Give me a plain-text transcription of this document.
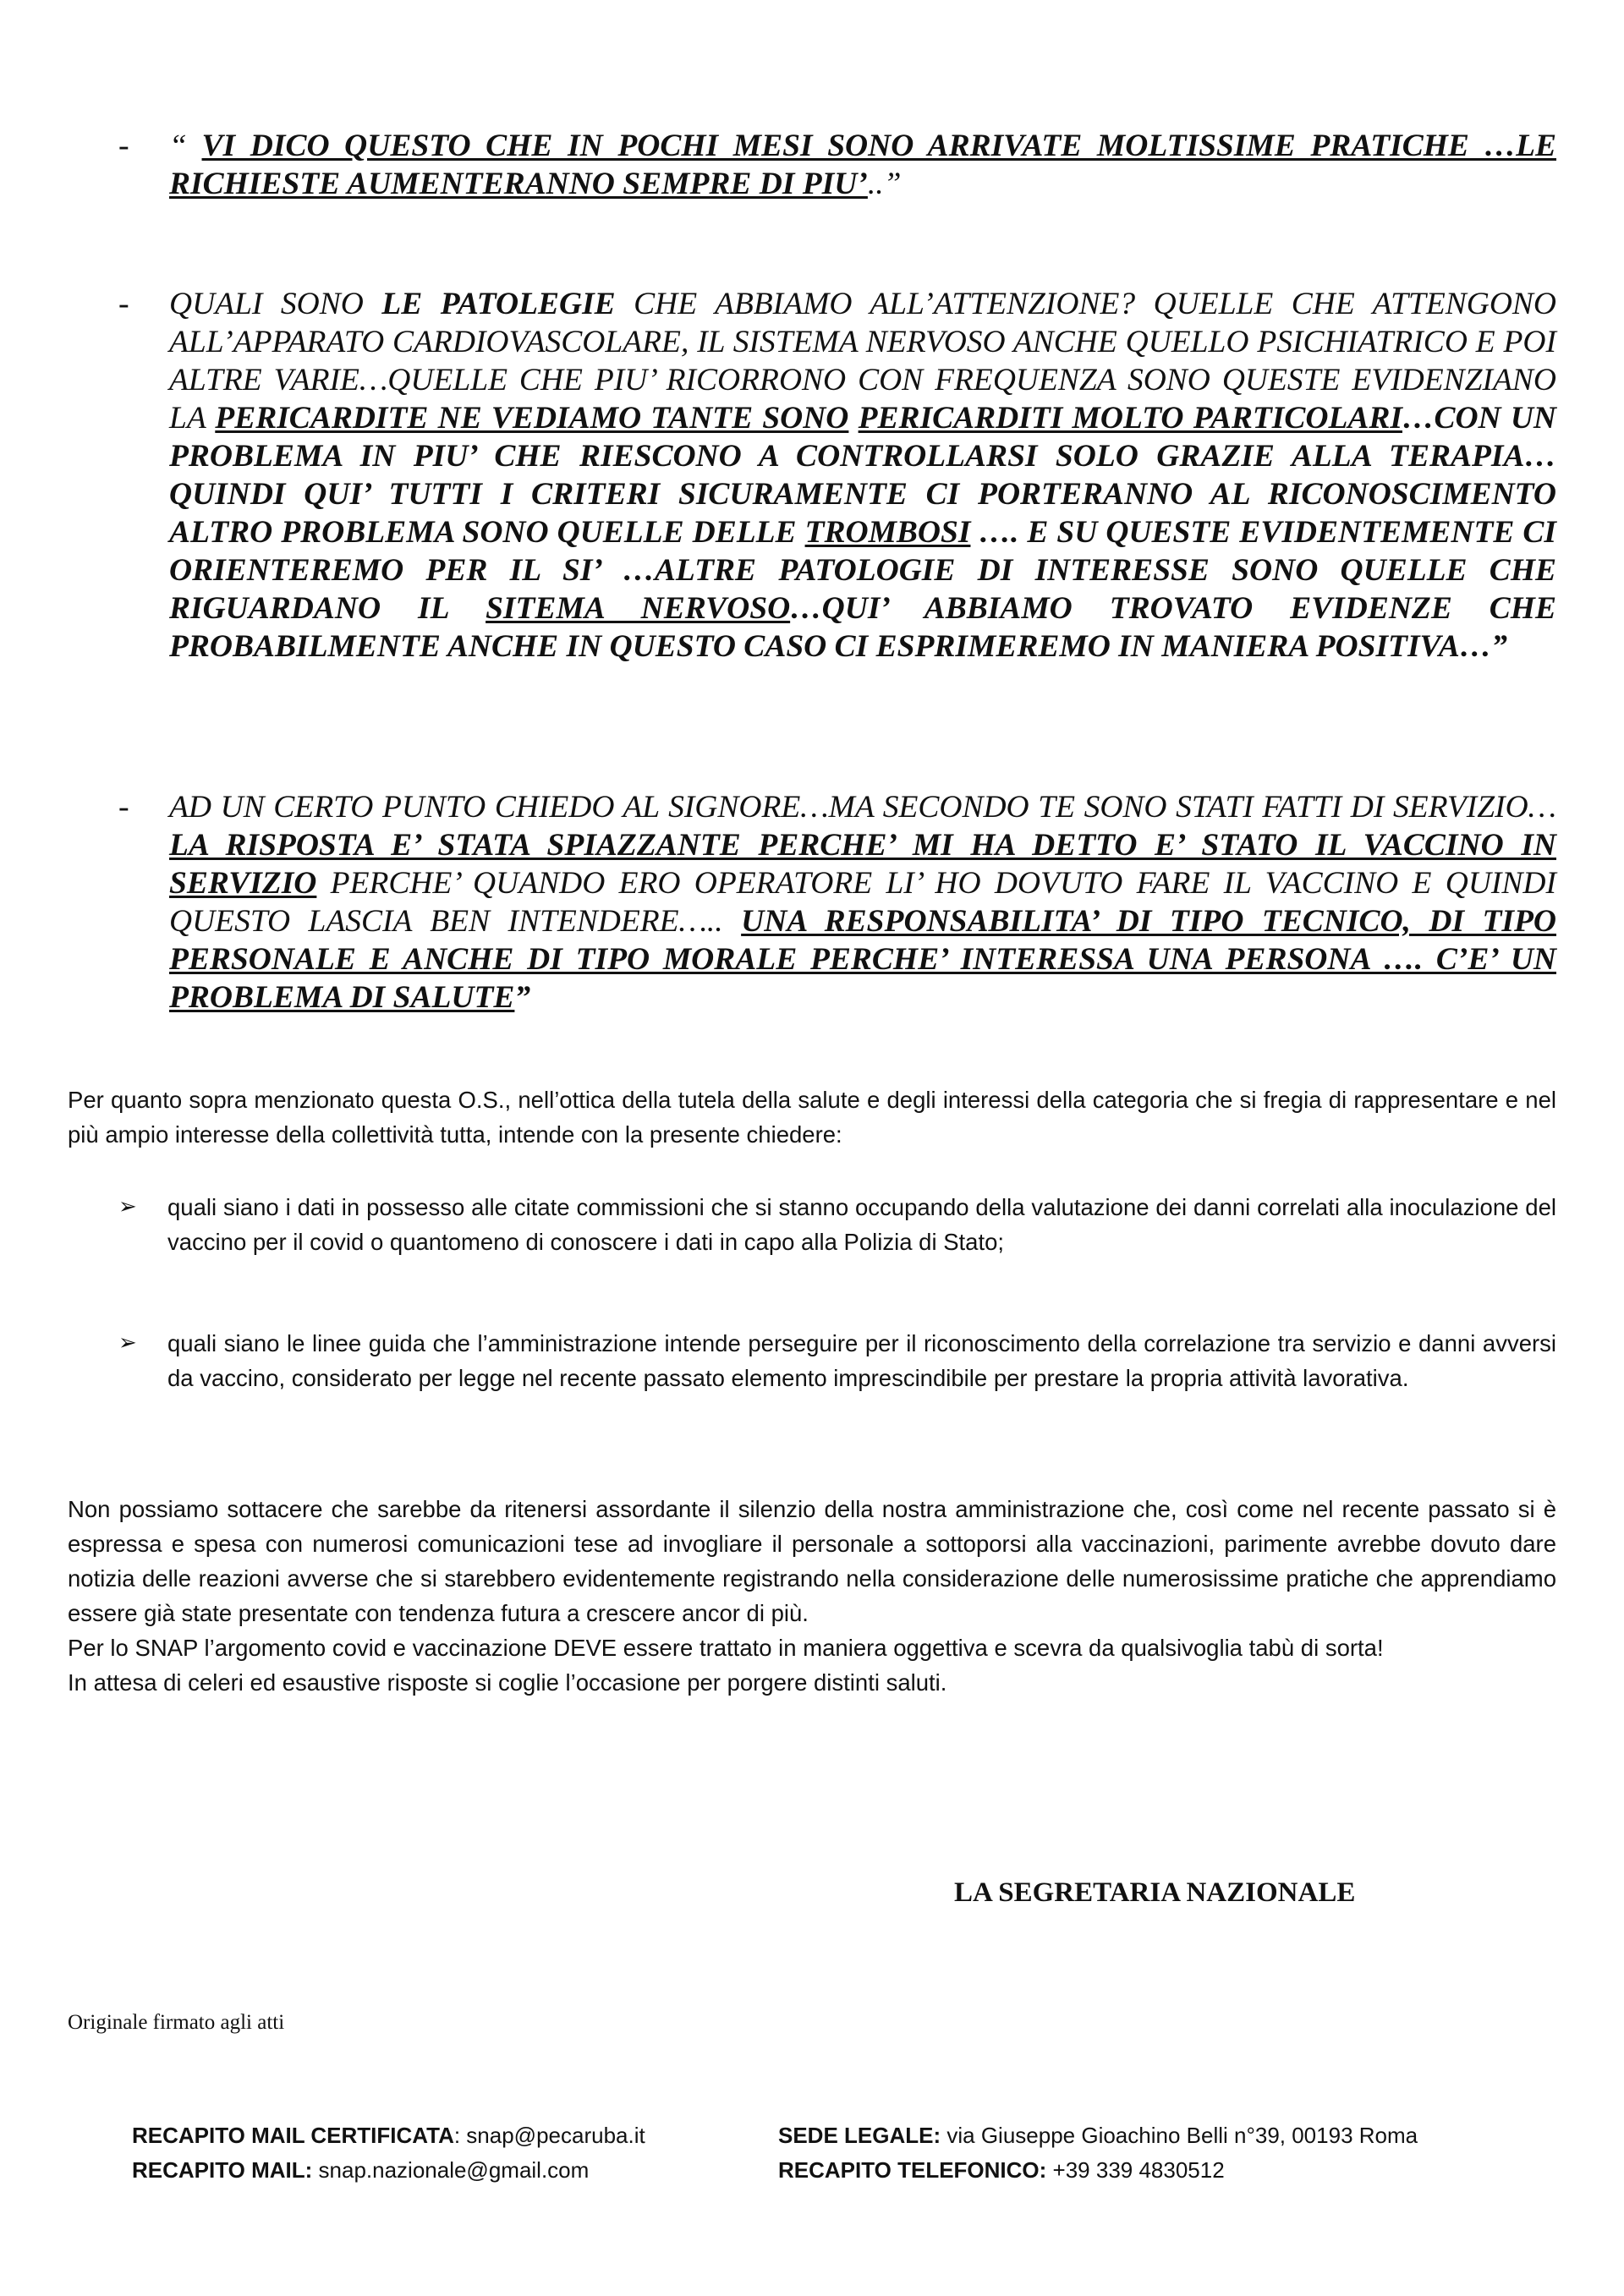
- “ VI DICO QUESTO CHE IN POCHI MESI SONO ARRIVATE MOLTISSIME PRATICHE …LE RICHIESTE AUMENTERANNO SEMPRE DI PIU’..”
- QUALI SONO LE PATOLEGIE CHE ABBIAMO ALL’ATTENZIONE? QUELLE CHE ATTENGONO ALL’APPARATO CARDIOVASCOLARE, IL SISTEMA NERVOSO ANCHE QUELLO PSICHIATRICO E POI ALTRE VARIE…QUELLE CHE PIU’ RICORRONO CON FREQUENZA SONO QUESTE EVIDENZIANO LA PERICARDITE NE VEDIAMO TANTE SONO PERICARDITI MOLTO PARTICOLARI…CON UN PROBLEMA IN PIU’ CHE RIESCONO A CONTROLLARSI SOLO GRAZIE ALLA TERAPIA…QUINDI QUI’ TUTTI I CRITERI SICURAMENTE CI PORTERANNO AL RICONOSCIMENTO ALTRO PROBLEMA SONO QUELLE DELLE TROMBOSI …. E SU QUESTE EVIDENTEMENTE CI ORIENTEREMO PER IL SI’ …ALTRE PATOLOGIE DI INTERESSE SONO QUELLE CHE RIGUARDANO IL SITEMA NERVOSO…QUI’ ABBIAMO TROVATO EVIDENZE CHE PROBABILMENTE ANCHE IN QUESTO CASO CI ESPRIMEREMO IN MANIERA POSITIVA…”
- AD UN CERTO PUNTO CHIEDO AL SIGNORE…MA SECONDO TE SONO STATI FATTI DI SERVIZIO…LA RISPOSTA E’ STATA SPIAZZANTE PERCHE’ MI HA DETTO E’ STATO IL VACCINO IN SERVIZIO PERCHE’ QUANDO ERO OPERATORE LI’ HO DOVUTO FARE IL VACCINO E QUINDI QUESTO LASCIA BEN INTENDERE….. UNA RESPONSABILITA’ DI TIPO TECNICO, DI TIPO PERSONALE E ANCHE DI TIPO MORALE PERCHE’ INTERESSA UNA PERSONA …. C’E’ UN PROBLEMA DI SALUTE”

Per quanto sopra menzionato questa O.S., nell’ottica della tutela della salute e degli interessi della categoria che si fregia di rappresentare e nel più ampio interesse della collettività tutta, intende con la presente chiedere:

➢ quali siano i dati in possesso alle citate commissioni che si stanno occupando della valutazione dei danni correlati alla inoculazione del vaccino per il covid o quantomeno di conoscere i dati in capo alla Polizia di Stato;
➢ quali siano le linee guida che l’amministrazione intende perseguire per il riconoscimento della correlazione tra servizio e danni avversi da vaccino, considerato per legge nel recente passato elemento imprescindibile per prestare la propria attività lavorativa.

Non possiamo sottacere che sarebbe da ritenersi assordante il silenzio della nostra amministrazione che, così come nel recente passato si è espressa e spesa con numerosi comunicazioni tese ad invogliare il personale a sottoporsi alla vaccinazioni, parimente avrebbe dovuto dare notizia delle reazioni avverse che si starebbero evidentemente registrando nella considerazione delle numerosissime pratiche che apprendiamo essere già state presentate con tendenza futura a crescere ancor di più.

Per lo SNAP l’argomento covid e vaccinazione DEVE essere trattato in maniera oggettiva e scevra da qualsivoglia tabù di sorta!

In attesa di celeri ed esaustive risposte si coglie l’occasione per porgere distinti saluti.

LA SEGRETARIA NAZIONALE
Originale firmato agli atti
RECAPITO MAIL CERTIFICATA: snap@pecaruba.it
RECAPITO MAIL: snap.nazionale@gmail.com
SEDE LEGALE: via Giuseppe Gioachino Belli n°39, 00193 Roma
RECAPITO TELEFONICO: +39 339 4830512
